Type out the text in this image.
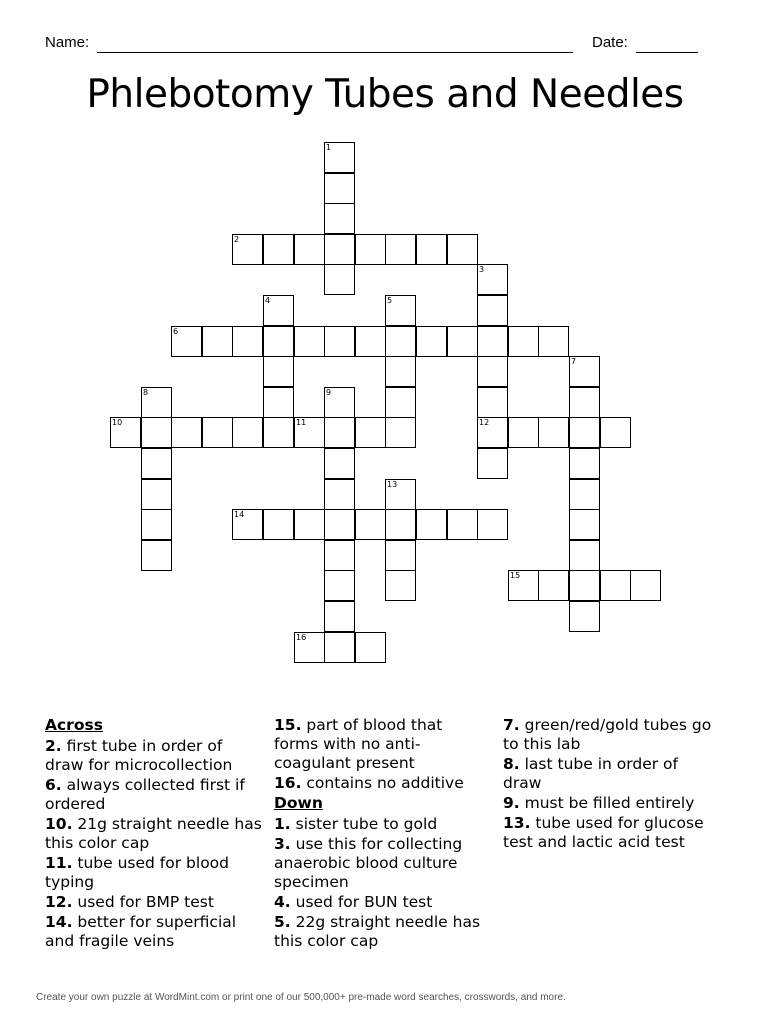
Name:	Date:
Phlebotomy Tubes and Needles
1
2
3
12
4	5
6
7
8	9
10	11
13
14
15
16
Across
2. first tube in order of draw for microcollection
6. always collected first if ordered
10. 21g straight needle has this color cap
11. tube used for blood typing
12. used for BMP test
14. better for superficial and fragile veins
15. part of blood that forms with no anti-coagulant present
16. contains no additive
Down
1. sister tube to gold
3. use this for collecting anaerobic blood culture specimen
4. used for BUN test
5. 22g straight needle has this color cap
7. green/red/gold tubes go to this lab
8. last tube in order of draw
9. must be filled entirely
13. tube used for glucose test and lactic acid test
Create your own puzzle at WordMint.com or print one of our 500,000+ pre-made word searches, crosswords, and more.
